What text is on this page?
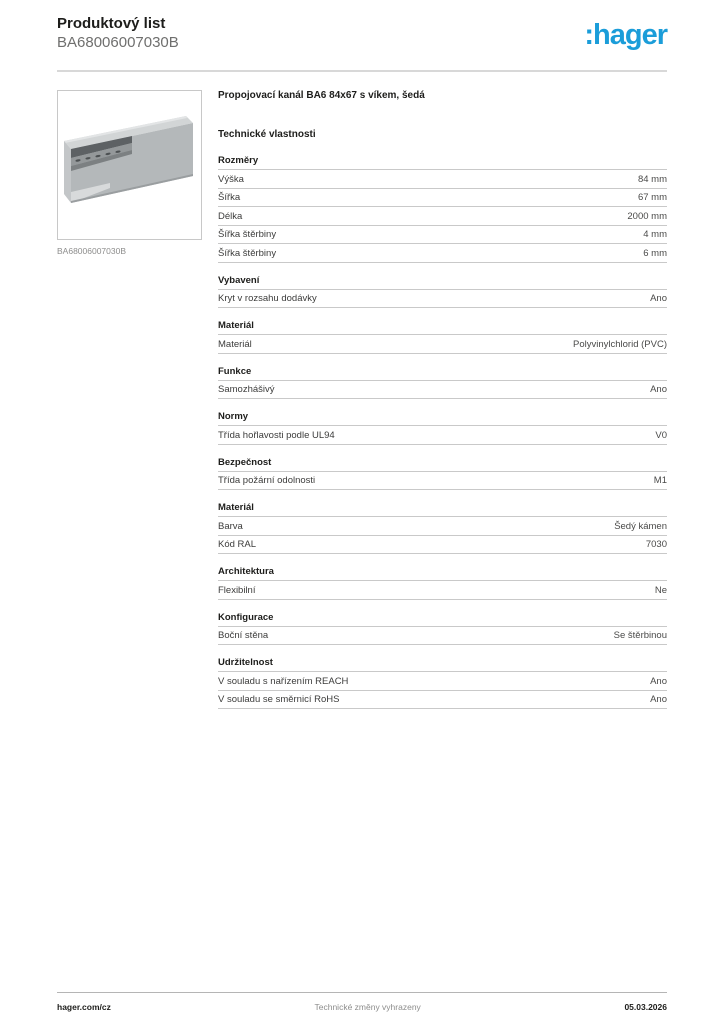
Produktový list
BA68006007030B	:hager
BA68006007030B
Propojovací kanál BA6 84x67 s víkem, šedá
Technické vlastnosti
Rozměry
Výška	84 mm
Šířka	67 mm
Délka	2000 mm
Šířka štěrbiny	4 mm
Šířka štěrbiny	6 mm
Vybavení
Kryt v rozsahu dodávky	Ano
Materiál
Materiál	Polyvinylchlorid (PVC)
Funkce
Samozhášivý	Ano
Normy
Třída hořlavosti podle UL94	V0
Bezpečnost
Třída požární odolnosti	M1
Materiál
Barva	Šedý kámen
Kód RAL	7030
Architektura
Flexibilní	Ne
Konfigurace
Boční stěna	Se štěrbinou
Udržitelnost
V souladu s nařízením REACH	Ano
V souladu se směrnicí RoHS	Ano
hager.com/cz	Technické změny vyhrazeny	05.03.2026
